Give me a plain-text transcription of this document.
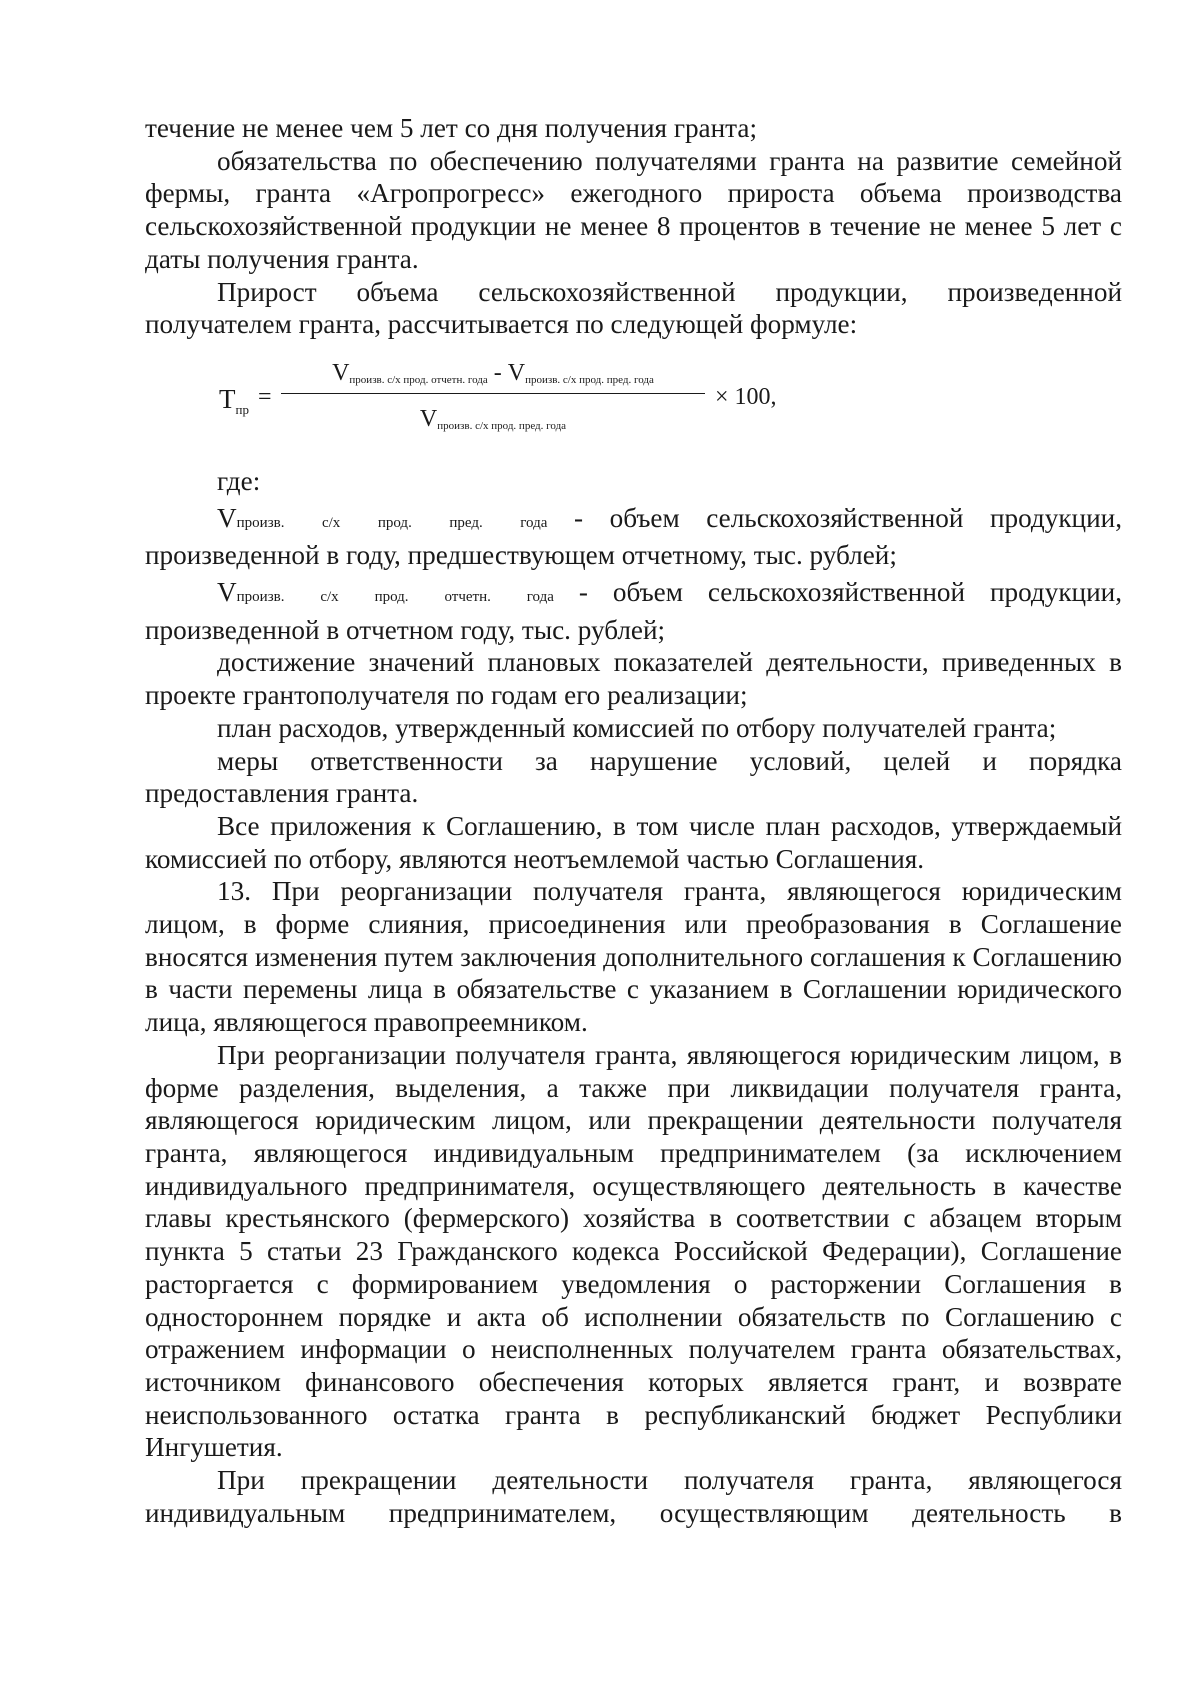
течение не менее чем 5 лет со дня получения гранта;

обязательства по обеспечению получателями гранта на развитие семейной фермы, гранта «Агропрогресс» ежегодного прироста объема производства сельскохозяйственной продукции не менее 8 процентов в течение не менее 5 лет с даты получения гранта.

Прирост объема сельскохозяйственной продукции, произведенной получателем гранта, рассчитывается по следующей формуле:

$Т_{пр}$ =
$V_{произв. с/х прод. отчетн. года} - V_{произв. с/х прод. пред. года}$
$V_{произв. с/х прод. пред. года}$
× 100,

где:

Vпроизв. с/х прод. пред. года - объем сельскохозяйственной продукции, произведенной в году, предшествующем отчетному, тыс. рублей;

Vпроизв. с/х прод. отчетн. года - объем сельскохозяйственной продукции, произведенной в отчетном году, тыс. рублей;

достижение значений плановых показателей деятельности, приведенных в проекте грантополучателя по годам его реализации;

план расходов, утвержденный комиссией по отбору получателей гранта;

меры ответственности за нарушение условий, целей и порядка предоставления гранта.

Все приложения к Соглашению, в том числе план расходов, утверждаемый комиссией по отбору, являются неотъемлемой частью Соглашения.

13. При реорганизации получателя гранта, являющегося юридическим лицом, в форме слияния, присоединения или преобразования в Соглашение вносятся изменения путем заключения дополнительного соглашения к Соглашению в части перемены лица в обязательстве с указанием в Соглашении юридического лица, являющегося правопреемником.

При реорганизации получателя гранта, являющегося юридическим лицом, в форме разделения, выделения, а также при ликвидации получателя гранта, являющегося юридическим лицом, или прекращении деятельности получателя гранта, являющегося индивидуальным предпринимателем (за исключением индивидуального предпринимателя, осуществляющего деятельность в качестве главы крестьянского (фермерского) хозяйства в соответствии с абзацем вторым пункта 5 статьи 23 Гражданского кодекса Российской Федерации), Соглашение расторгается с формированием уведомления о расторжении Соглашения в одностороннем порядке и акта об исполнении обязательств по Соглашению с отражением информации о неисполненных получателем гранта обязательствах, источником финансового обеспечения которых является грант, и возврате неиспользованного остатка гранта в республиканский бюджет Республики Ингушетия.

При прекращении деятельности получателя гранта, являющегося индивидуальным предпринимателем, осуществляющим деятельность в
